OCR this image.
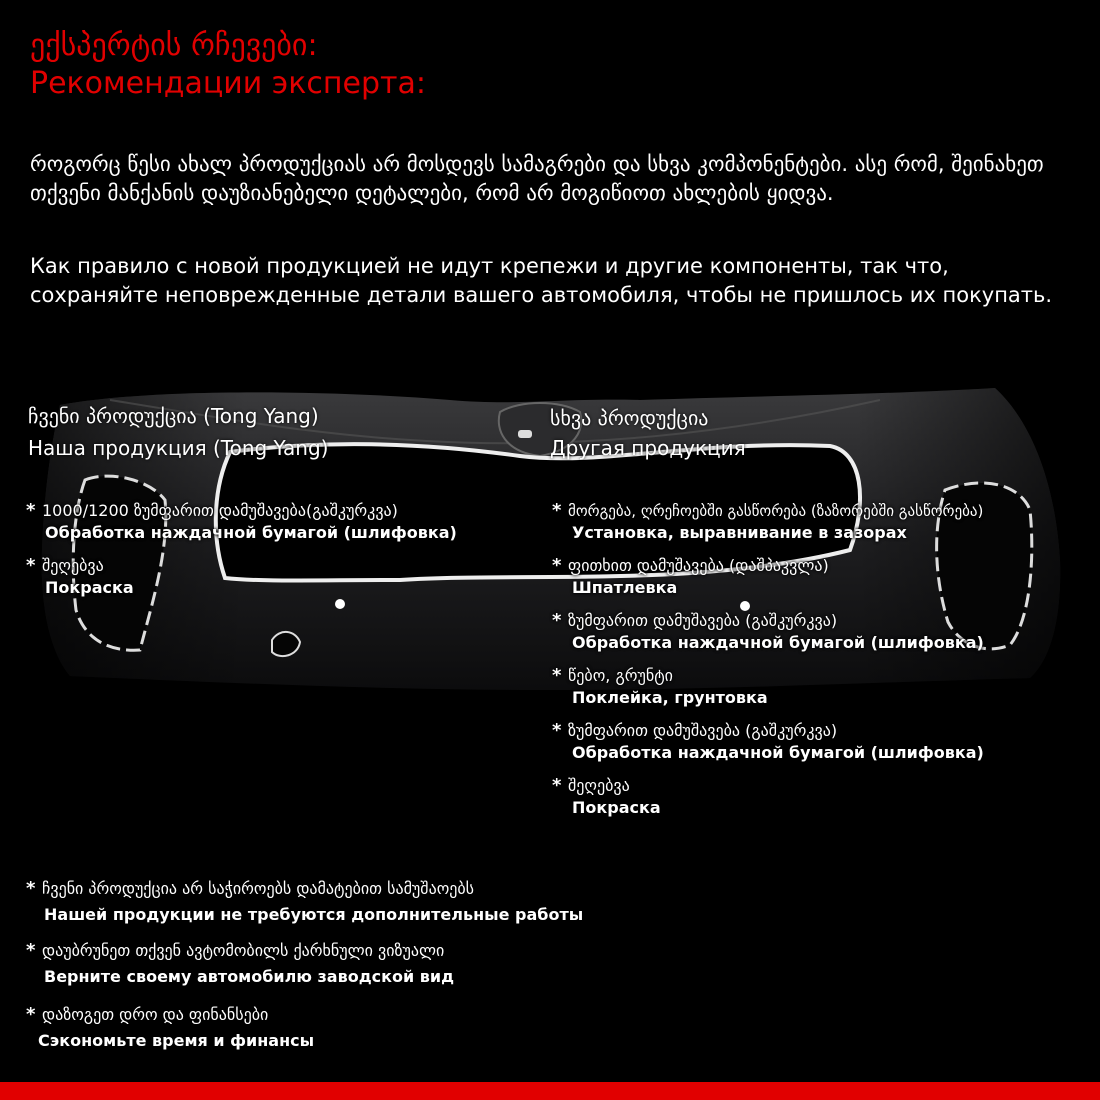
ექსპერტის რჩევები:
Рекомендации эксперта:
როგორც წესი ახალ პროდუქციას არ მოსდევს სამაგრები და სხვა კომპონენტები. ასე რომ, შეინახეთ თქვენი მანქანის დაუზიანებელი დეტალები, რომ არ მოგიწიოთ ახლების ყიდვა.
Как правило с новой продукцией не идут крепежи и другие компоненты, так что, сохраняйте неповрежденные детали вашего автомобиля, чтобы не пришлось их покупать.
ჩვენი პროდუქცია (Tong Yang)
Наша продукция (Tong Yang)
* 1000/1200 ზუმფარით დამუშავება(გაშკურკვა)
Обработка наждачной бумагой (шлифовка)
* შეღებვა
Покраска
სხვა პროდუქცია
Другая продукция
* მორგება, ღრეჩოებში გასწორება (ზაზორებში გასწორება)
Установка, выравнивание в зазорах
* ფითხით დამუშავება (დაშპაკვლა)
Шпатлевка
* ზუმფარით დამუშავება (გაშკურკვა)
Обработка наждачной бумагой (шлифовка)
* წებო, გრუნტი
Поклейка, грунтовка
* ზუმფარით დამუშავება (გაშკურკვა)
Обработка наждачной бумагой (шлифовка)
* შეღებვა
Покраска
* ჩვენი პროდუქცია არ საჭიროებს დამატებით სამუშაოებს
Нашей продукции не требуются дополнительные работы
* დაუბრუნეთ თქვენ ავტომობილს ქარხნული ვიზუალი
Верните своему автомобилю заводской вид
* დაზოგეთ დრო და ფინანსები
Сэкономьте время и финансы
